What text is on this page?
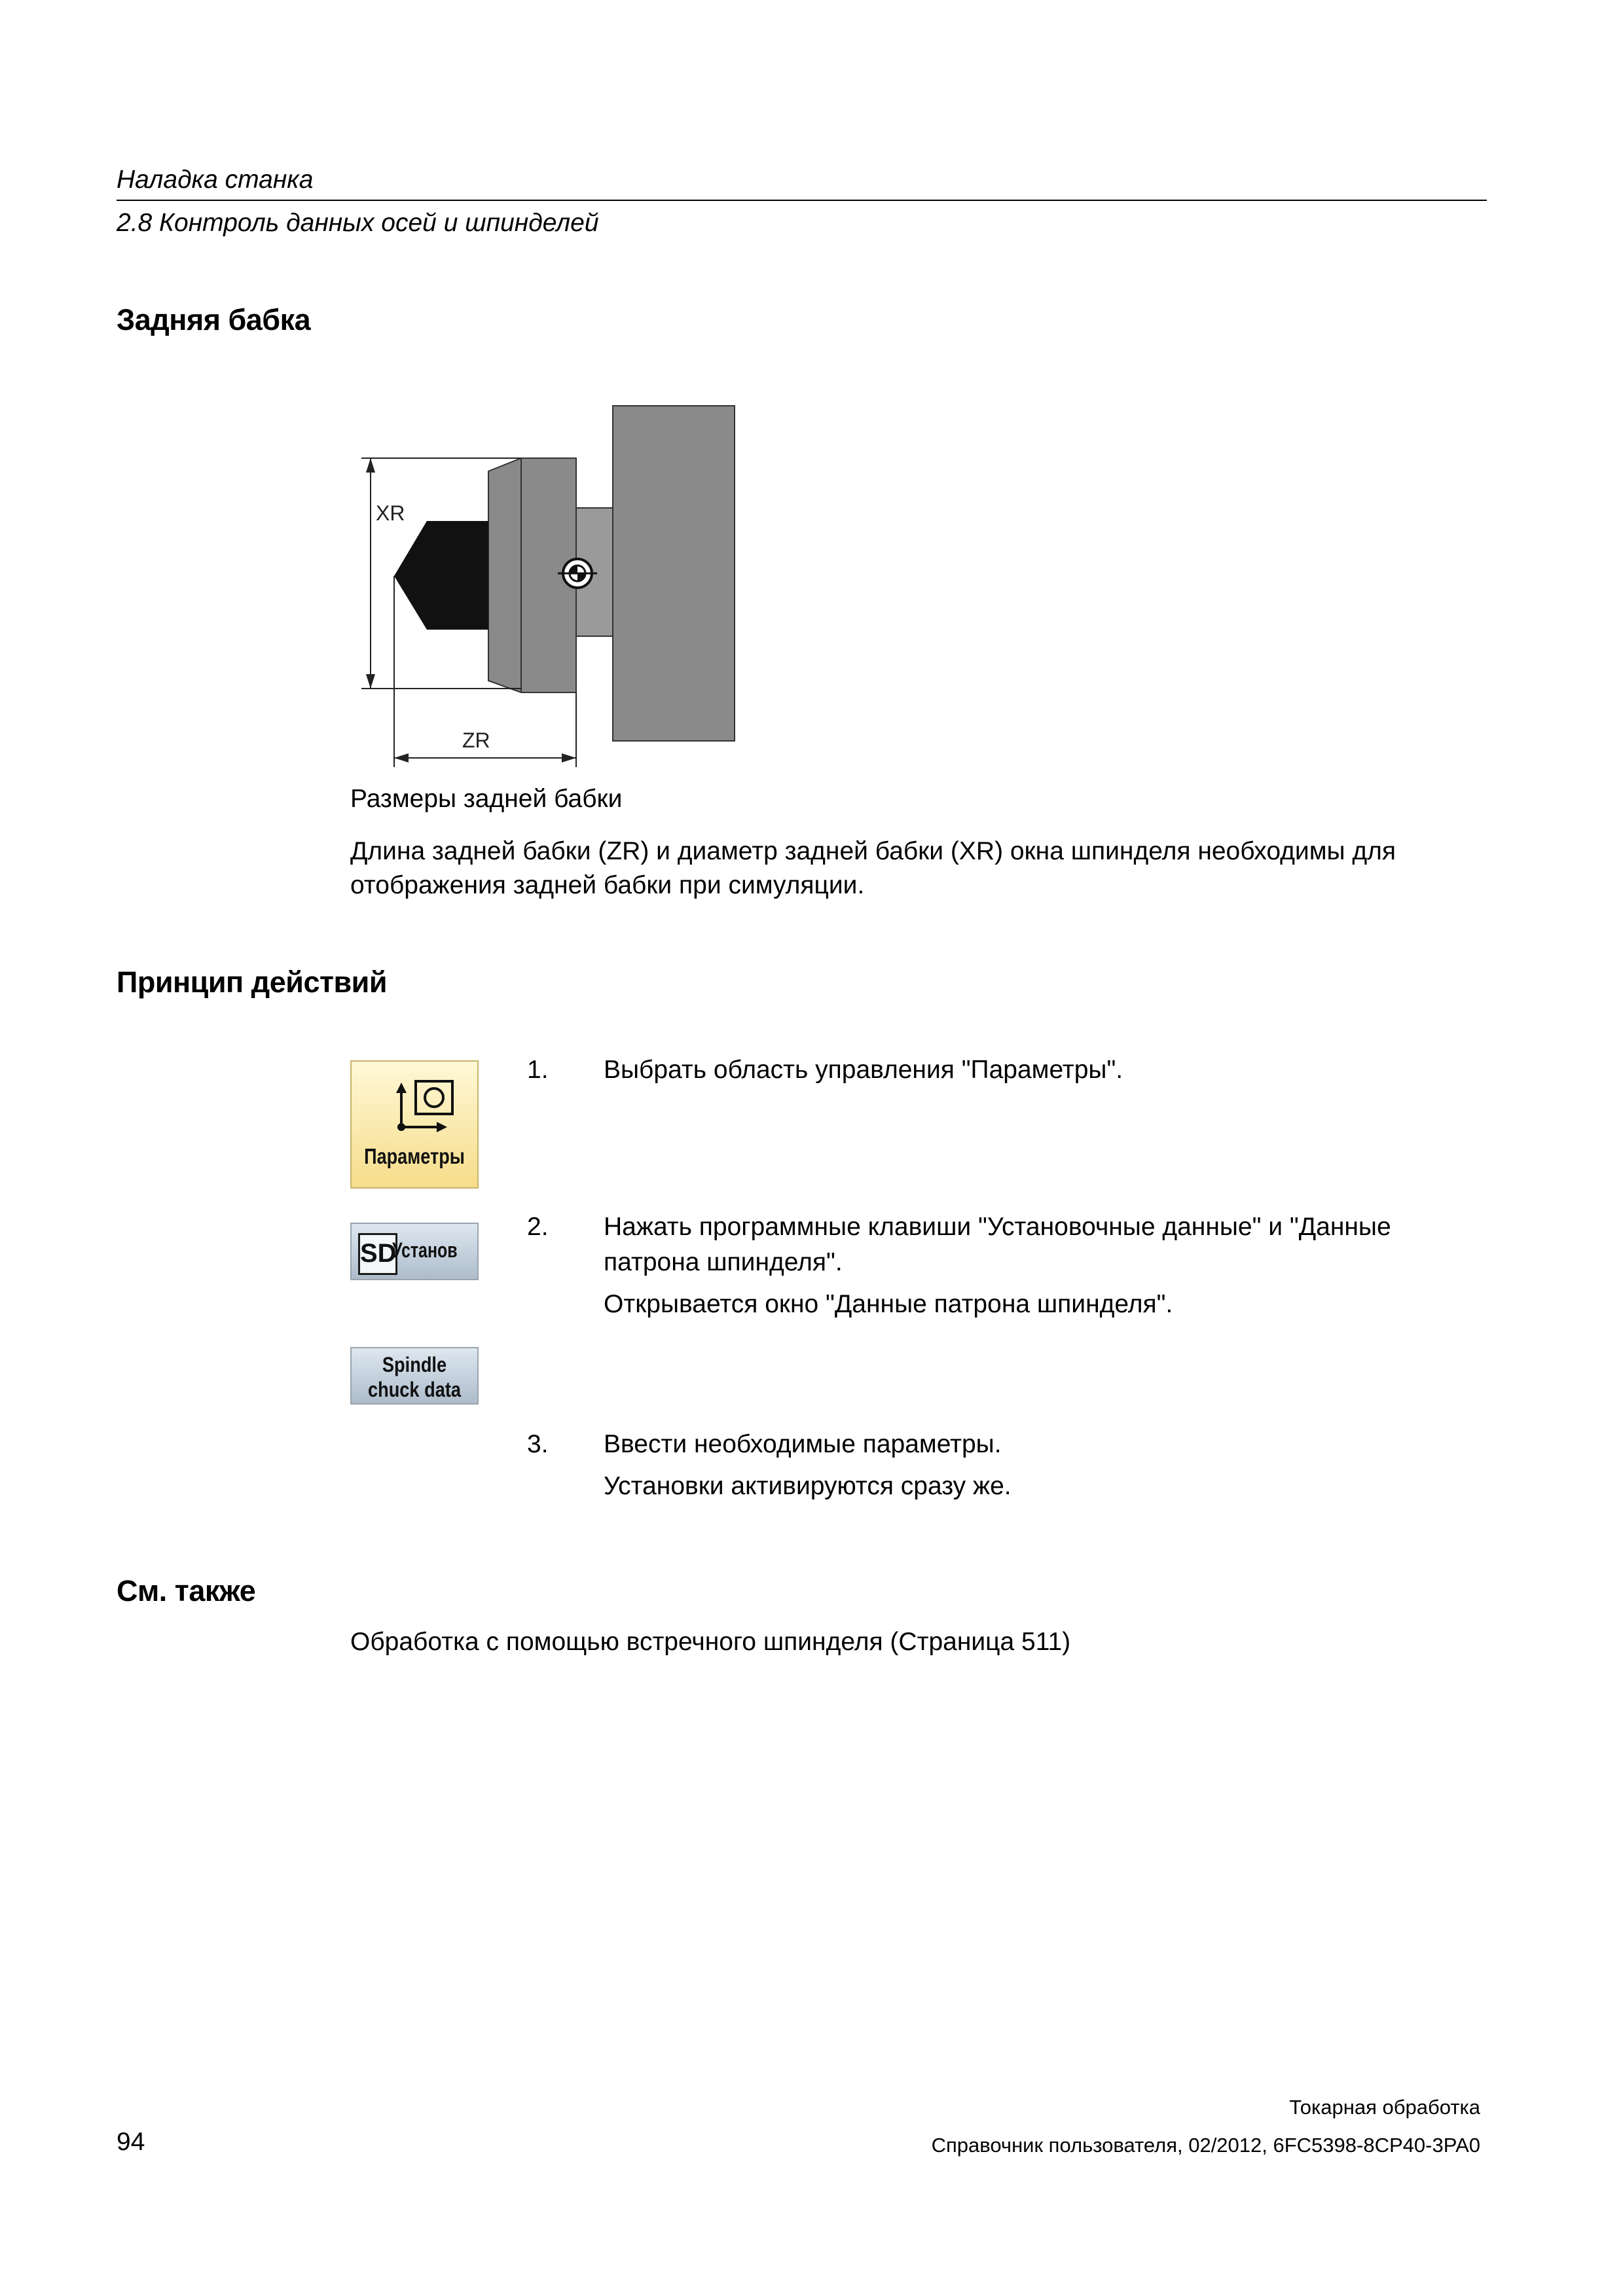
Наладка станка
2.8 Контроль данных осей и шпинделей
Задняя бабка
XR
ZR
Размеры задней бабки
Длина задней бабки (ZR) и диаметр задней бабки (XR) окна шпинделя необходимы для
отображения задней бабки при симуляции.
Принцип действий
Параметры
SD
Установ
Spindle
chuck data
1. Выбрать область управления "Параметры".
2. Нажать программные клавиши "Установочные данные" и "Данные
патрона шпинделя".
Открывается окно "Данные патрона шпинделя".
3. Ввести необходимые параметры.
Установки активируются сразу же.
См. также
Обработка с помощью встречного шпинделя (Страница 511)
Токарная обработка
94	Справочник пользователя, 02/2012, 6FC5398-8CP40-3PA0
